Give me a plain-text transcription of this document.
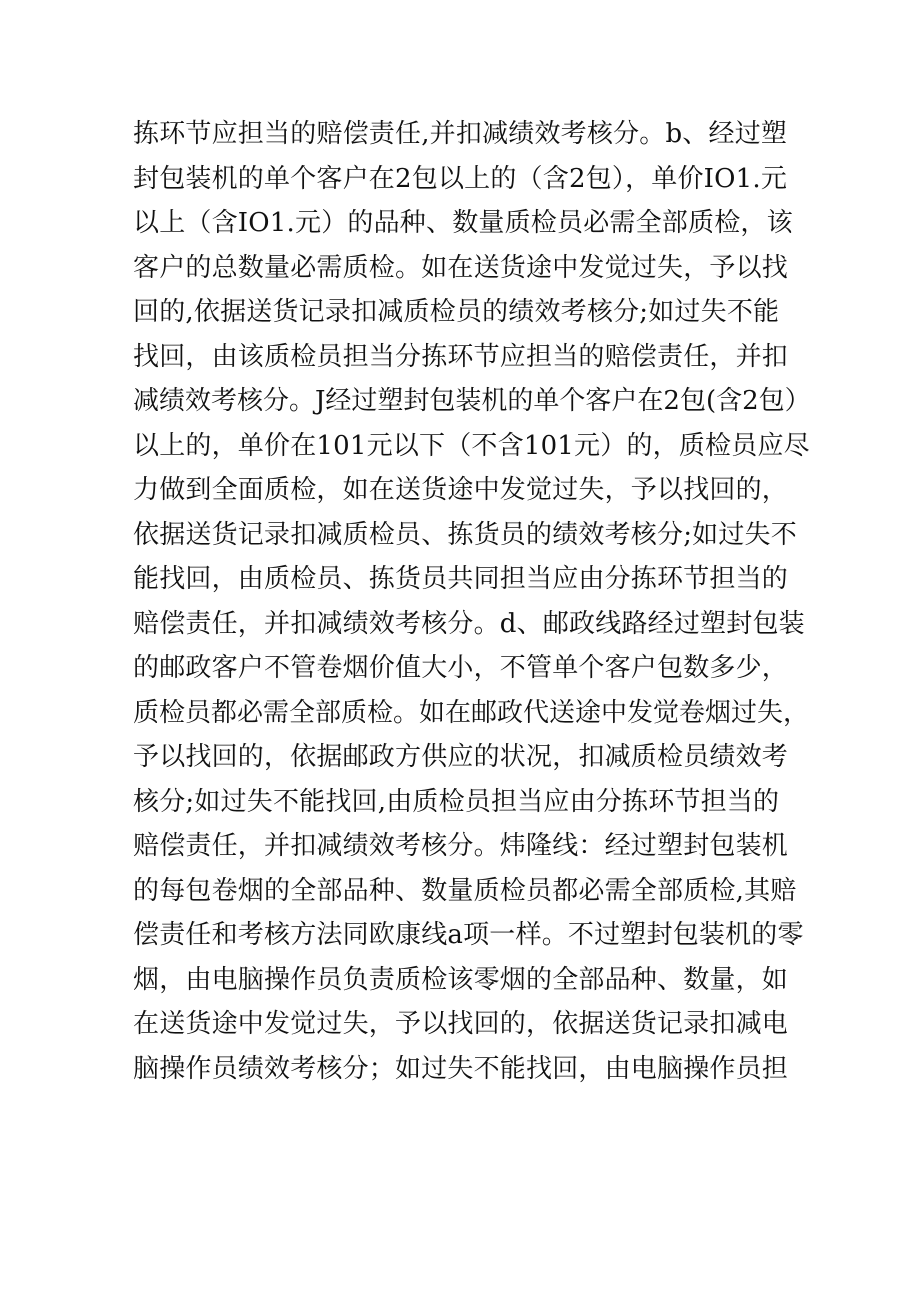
拣环节应担当的赔偿责任,并扣减绩效考核分。b、经过塑
封包装机的单个客户在2包以上的（含2包），单价IO1.元
以上（含IO1.元）的品种、数量质检员必需全部质检，该
客户的总数量必需质检。如在送货途中发觉过失，予以找
回的,依据送货记录扣减质检员的绩效考核分;如过失不能
找回，由该质检员担当分拣环节应担当的赔偿责任，并扣
减绩效考核分。J经过塑封包装机的单个客户在2包(含2包）
以上的，单价在101元以下（不含101元）的，质检员应尽
力做到全面质检，如在送货途中发觉过失，予以找回的，
依据送货记录扣减质检员、拣货员的绩效考核分;如过失不
能找回，由质检员、拣货员共同担当应由分拣环节担当的
赔偿责任，并扣减绩效考核分。d、邮政线路经过塑封包装
的邮政客户不管卷烟价值大小，不管单个客户包数多少，
质检员都必需全部质检。如在邮政代送途中发觉卷烟过失，
予以找回的，依据邮政方供应的状况，扣减质检员绩效考
核分;如过失不能找回,由质检员担当应由分拣环节担当的
赔偿责任，并扣减绩效考核分。炜隆线：经过塑封包装机
的每包卷烟的全部品种、数量质检员都必需全部质检,其赔
偿责任和考核方法同欧康线a项一样。不过塑封包装机的零
烟，由电脑操作员负责质检该零烟的全部品种、数量，如
在送货途中发觉过失，予以找回的，依据送货记录扣减电
脑操作员绩效考核分；如过失不能找回，由电脑操作员担
